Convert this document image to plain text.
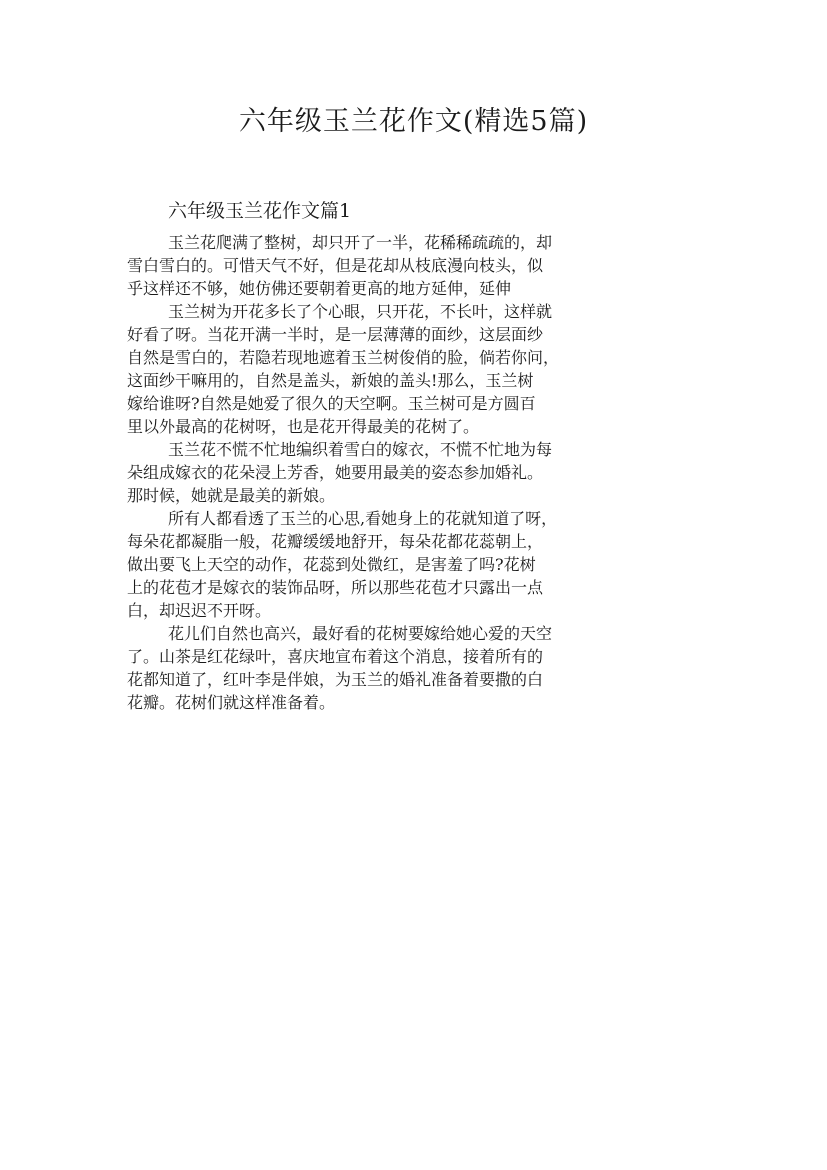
六年级玉兰花作文(精选5篇)

六年级玉兰花作文篇1

玉兰花爬满了整树，却只开了一半，花稀稀疏疏的，却
雪白雪白的。可惜天气不好，但是花却从枝底漫向枝头，似
乎这样还不够，她仿佛还要朝着更高的地方延伸，延伸
玉兰树为开花多长了个心眼，只开花，不长叶，这样就
好看了呀。当花开满一半时，是一层薄薄的面纱，这层面纱
自然是雪白的，若隐若现地遮着玉兰树俊俏的脸，倘若你问，
这面纱干嘛用的，自然是盖头，新娘的盖头!那么，玉兰树
嫁给谁呀?自然是她爱了很久的天空啊。玉兰树可是方圆百
里以外最高的花树呀，也是花开得最美的花树了。
玉兰花不慌不忙地编织着雪白的嫁衣，不慌不忙地为每
朵组成嫁衣的花朵浸上芳香，她要用最美的姿态参加婚礼。
那时候，她就是最美的新娘。
所有人都看透了玉兰的心思,看她身上的花就知道了呀，
每朵花都凝脂一般，花瓣缓缓地舒开，每朵花都花蕊朝上，
做出要飞上天空的动作，花蕊到处微红，是害羞了吗?花树
上的花苞才是嫁衣的装饰品呀，所以那些花苞才只露出一点
白，却迟迟不开呀。
花儿们自然也高兴，最好看的花树要嫁给她心爱的天空
了。山茶是红花绿叶，喜庆地宣布着这个消息，接着所有的
花都知道了，红叶李是伴娘，为玉兰的婚礼准备着要撒的白
花瓣。花树们就这样准备着。
